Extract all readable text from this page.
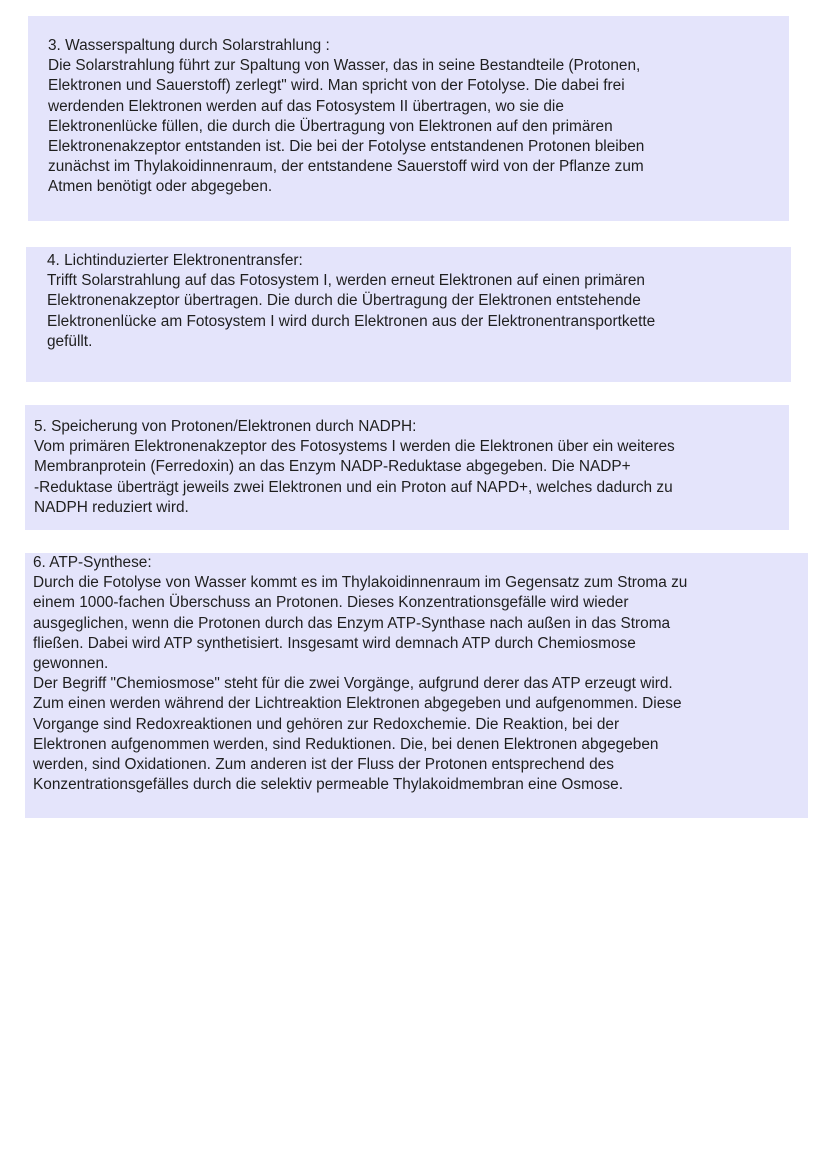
3. Wasserspaltung durch Solarstrahlung :

Die Solarstrahlung führt zur Spaltung von Wasser, das in seine Bestandteile (Protonen,
Elektronen und Sauerstoff) zerlegt" wird. Man spricht von der Fotolyse. Die dabei frei
werdenden Elektronen werden auf das Fotosystem II übertragen, wo sie die
Elektronenlücke füllen, die durch die Übertragung von Elektronen auf den primären
Elektronenakzeptor entstanden ist. Die bei der Fotolyse entstandenen Protonen bleiben
zunächst im Thylakoidinnenraum, der entstandene Sauerstoff wird von der Pflanze zum
Atmen benötigt oder abgegeben.

4. Lichtinduzierter Elektronentransfer:

Trifft Solarstrahlung auf das Fotosystem I, werden erneut Elektronen auf einen primären
Elektronenakzeptor übertragen. Die durch die Übertragung der Elektronen entstehende
Elektronenlücke am Fotosystem I wird durch Elektronen aus der Elektronentransportkette
gefüllt.

5. Speicherung von Protonen/Elektronen durch NADPH:

Vom primären Elektronenakzeptor des Fotosystems I werden die Elektronen über ein weiteres
Membranprotein (Ferredoxin) an das Enzym NADP-Reduktase abgegeben. Die NADP+
-Reduktase überträgt jeweils zwei Elektronen und ein Proton auf NAPD+, welches dadurch zu
NADPH reduziert wird.

6. ATP-Synthese:

Durch die Fotolyse von Wasser kommt es im Thylakoidinnenraum im Gegensatz zum Stroma zu
einem 1000-fachen Überschuss an Protonen. Dieses Konzentrationsgefälle wird wieder
ausgeglichen, wenn die Protonen durch das Enzym ATP-Synthase nach außen in das Stroma
fließen. Dabei wird ATP synthetisiert. Insgesamt wird demnach ATP durch Chemiosmose
gewonnen.
Der Begriff "Chemiosmose" steht für die zwei Vorgänge, aufgrund derer das ATP erzeugt wird.
Zum einen werden während der Lichtreaktion Elektronen abgegeben und aufgenommen. Diese
Vorgange sind Redoxreaktionen und gehören zur Redoxchemie. Die Reaktion, bei der
Elektronen aufgenommen werden, sind Reduktionen. Die, bei denen Elektronen abgegeben
werden, sind Oxidationen. Zum anderen ist der Fluss der Protonen entsprechend des
Konzentrationsgefälles durch die selektiv permeable Thylakoidmembran eine Osmose.
